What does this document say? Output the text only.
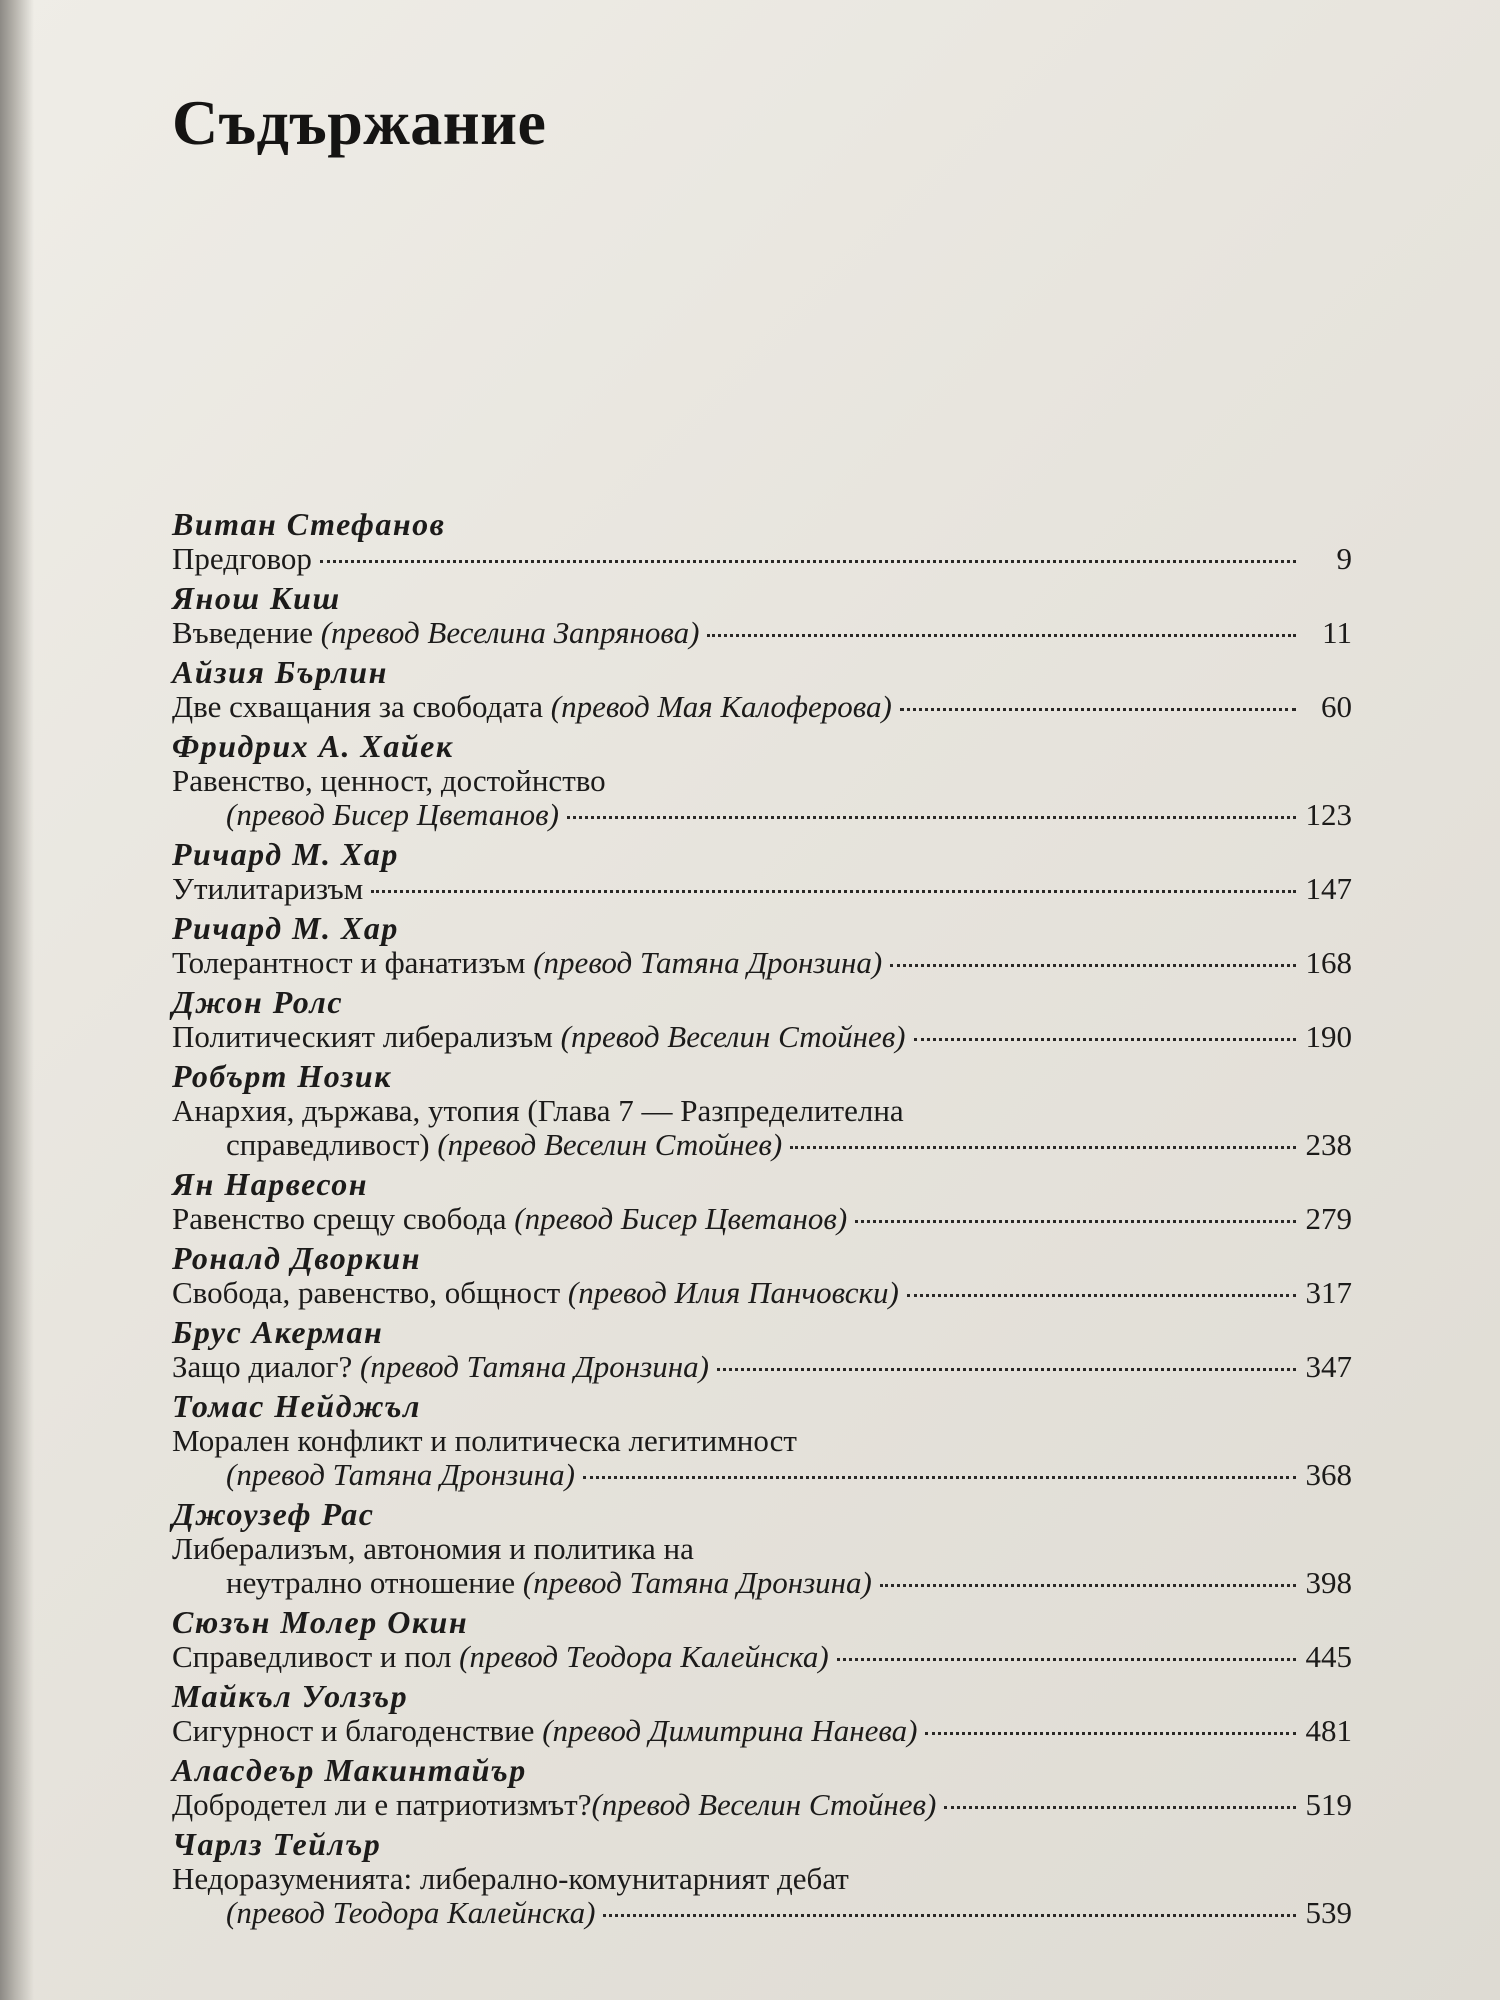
Съдържание
Витан Стефанов
Предговор	9
Янош Киш
Въведение
(превод Веселина Запрянова)	11
Айзия Бърлин
Две схващания за свободата
(превод Мая Калоферова)	60
Фридрих А. Хайек
Равенство, ценност, достойнство
(превод Бисер Цветанов)	123
Ричард М. Хар
Утилитаризъм	147
Ричард М. Хар
Толерантност и фанатизъм
(превод Татяна Дронзина)	168
Джон Ролс
Политическият либерализъм
(превод Веселин Стойнев)	190
Робърт Нозик
Анархия, държава, утопия (Глава 7 — Разпределителна
справедливост)
(превод Веселин Стойнев)	238
Ян Нарвесон
Равенство срещу свобода
(превод Бисер Цветанов)	279
Роналд Дворкин
Свобода, равенство, общност
(превод Илия Панчовски)	317
Брус Акерман
Защо диалог?
(превод Татяна Дронзина)	347
Томас Нейджъл
Морален конфликт и политическа легитимност
(превод Татяна Дронзина)	368
Джоузеф Рас
Либерализъм, автономия и политика на
неутрално отношение
(превод Татяна Дронзина)	398
Сюзън Молер Окин
Справедливост и пол
(превод Теодора Калейнска)	445
Майкъл Уолзър
Сигурност и благоденствие
(превод Димитрина Нанева)	481
Аласдеър Макинтайър
Добродетел ли е патриотизмът? (превод Веселин Стойнев)	519
Чарлз Тейлър
Недоразуменията: либерално-комунитарният дебат
(превод Теодора Калейнска)	539
